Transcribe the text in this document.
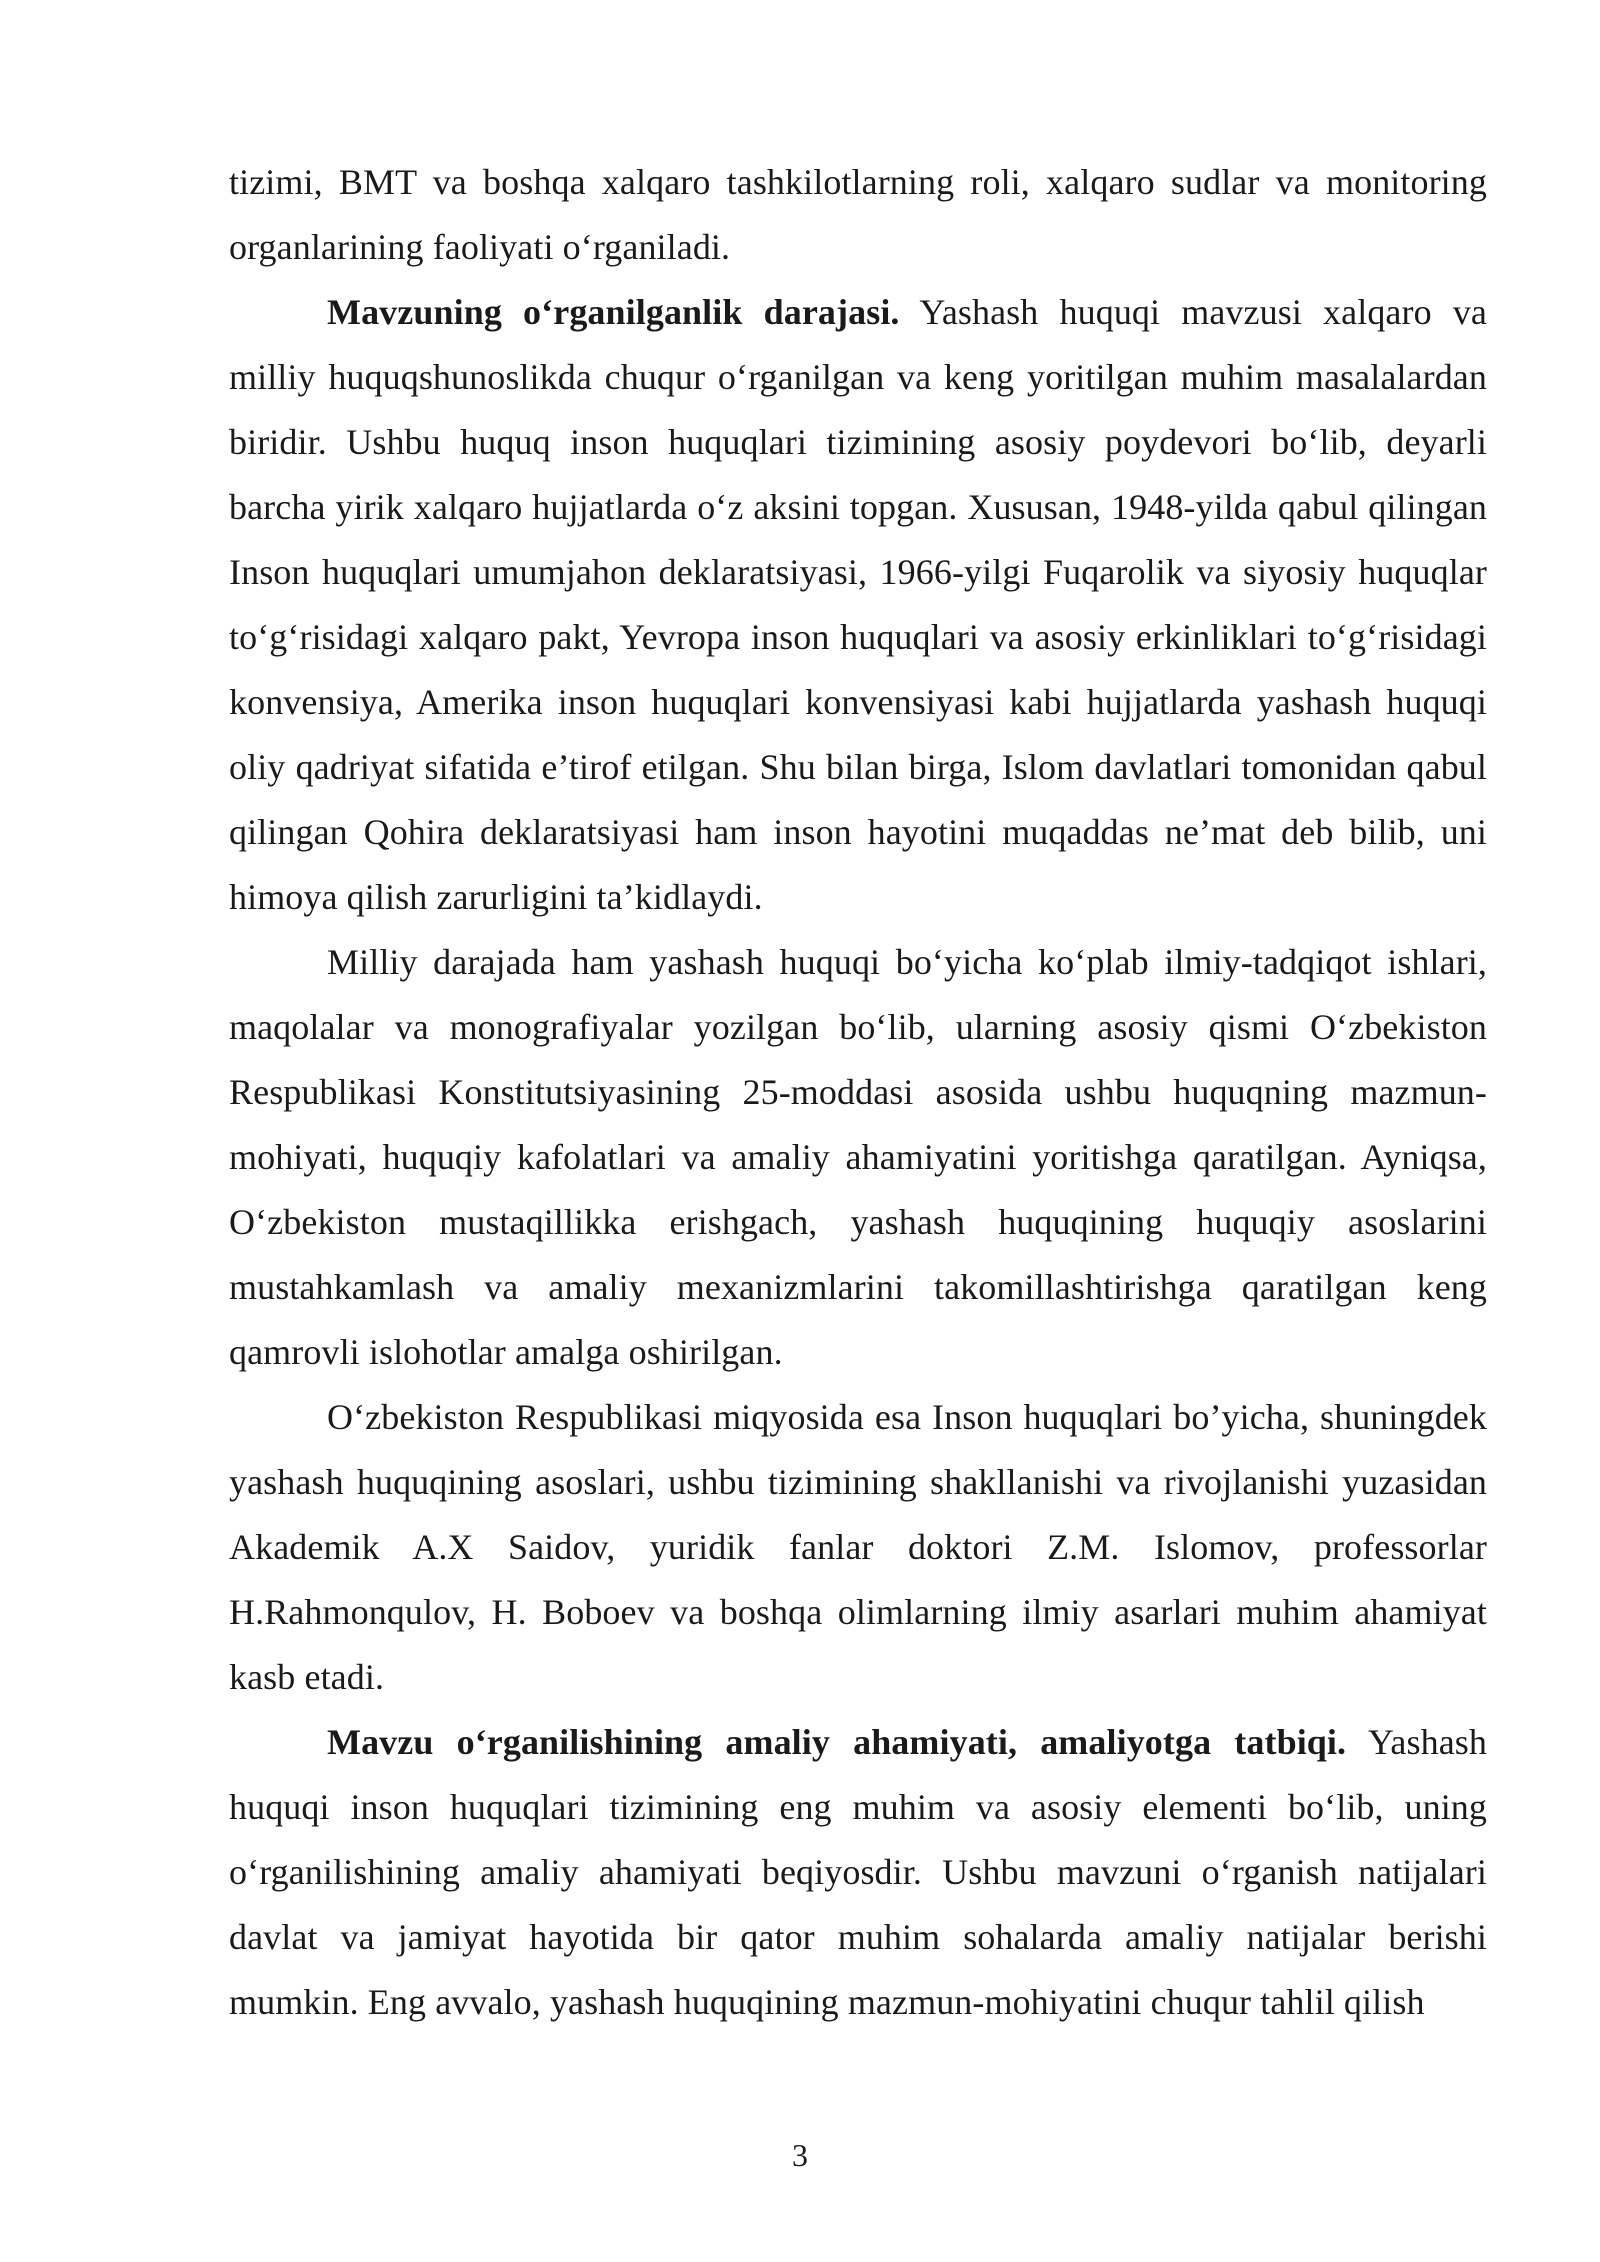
tizimi, BMT va boshqa xalqaro tashkilotlarning roli, xalqaro sudlar va monitoring organlarining faoliyati o‘rganiladi.

Mavzuning o‘rganilganlik darajasi. Yashash huquqi mavzusi xalqaro va milliy huquqshunoslikda chuqur o‘rganilgan va keng yoritilgan muhim masalalardan biridir. Ushbu huquq inson huquqlari tizimining asosiy poydevori bo‘lib, deyarli barcha yirik xalqaro hujjatlarda o‘z aksini topgan. Xususan, 1948-yilda qabul qilingan Inson huquqlari umumjahon deklaratsiyasi, 1966-yilgi Fuqarolik va siyosiy huquqlar to‘g‘risidagi xalqaro pakt, Yevropa inson huquqlari va asosiy erkinliklari to‘g‘risidagi konvensiya, Amerika inson huquqlari konvensiyasi kabi hujjatlarda yashash huquqi oliy qadriyat sifatida e’tirof etilgan. Shu bilan birga, Islom davlatlari tomonidan qabul qilingan Qohira deklaratsiyasi ham inson hayotini muqaddas ne’mat deb bilib, uni himoya qilish zarurligini ta’kidlaydi.

Milliy darajada ham yashash huquqi bo‘yicha ko‘plab ilmiy-tadqiqot ishlari, maqolalar va monografiyalar yozilgan bo‘lib, ularning asosiy qismi O‘zbekiston Respublikasi Konstitutsiyasining 25-moddasi asosida ushbu huquqning mazmun-mohiyati, huquqiy kafolatlari va amaliy ahamiyatini yoritishga qaratilgan. Ayniqsa, O‘zbekiston mustaqillikka erishgach, yashash huquqining huquqiy asoslarini mustahkamlash va amaliy mexanizmlarini takomillashtirishga qaratilgan keng qamrovli islohotlar amalga oshirilgan.

O‘zbekiston Respublikasi miqyosida esa Inson huquqlari bo’yicha, shuningdek yashash huquqining asoslari, ushbu tizimining shakllanishi va rivojlanishi yuzasidan Akademik A.X Saidov, yuridik fanlar doktori Z.M. Islomov, professorlar H.Rahmonqulov, H. Boboev va boshqa olimlarning ilmiy asarlari muhim ahamiyat kasb etadi.

Mavzu o‘rganilishining amaliy ahamiyati, amaliyotga tatbiqi. Yashash huquqi inson huquqlari tizimining eng muhim va asosiy elementi bo‘lib, uning o‘rganilishining amaliy ahamiyati beqiyosdir. Ushbu mavzuni o‘rganish natijalari davlat va jamiyat hayotida bir qator muhim sohalarda amaliy natijalar berishi mumkin. Eng avvalo, yashash huquqining mazmun-mohiyatini chuqur tahlil qilish

3
